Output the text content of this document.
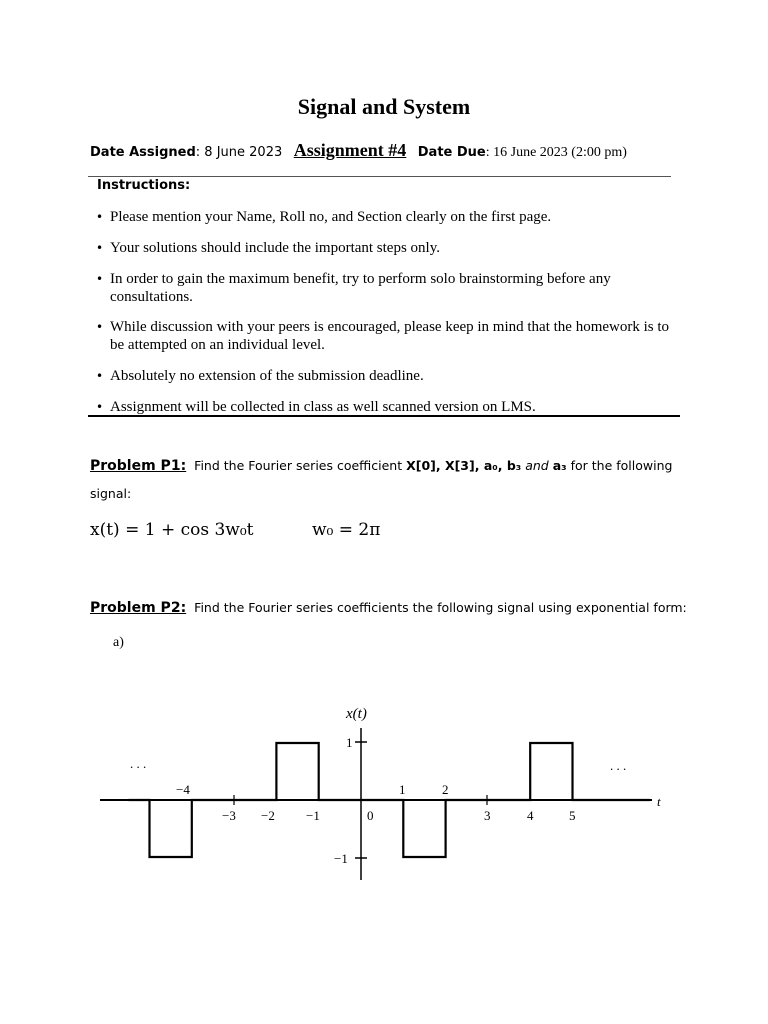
Signal and System
Date Assigned: 8 June 2023 Assignment #4 Date Due: 16 June 2023 (2:00 pm)
Instructions:
• Please mention your Name, Roll no, and Section clearly on the first page.
• Your solutions should include the important steps only.
• In order to gain the maximum benefit, try to perform solo brainstorming before any consultations.
• While discussion with your peers is encouraged, please keep in mind that the homework is to be attempted on an individual level.
• Absolutely no extension of the submission deadline.
• Assignment will be collected in class as well scanned version on LMS.
Problem P1: Find the Fourier series coefficient X[0], X[3], a₀, b₃ and a₃ for the following
signal:
x(t) = 1 + cos 3w₀t	w₀ = 2π
Problem P2: Find the Fourier series coefficients the following signal using exponential form:
a)
x(t)
t
. . .	. . .
1
−1
−4
−3 −2 −1	0
1	2
3	4	5
